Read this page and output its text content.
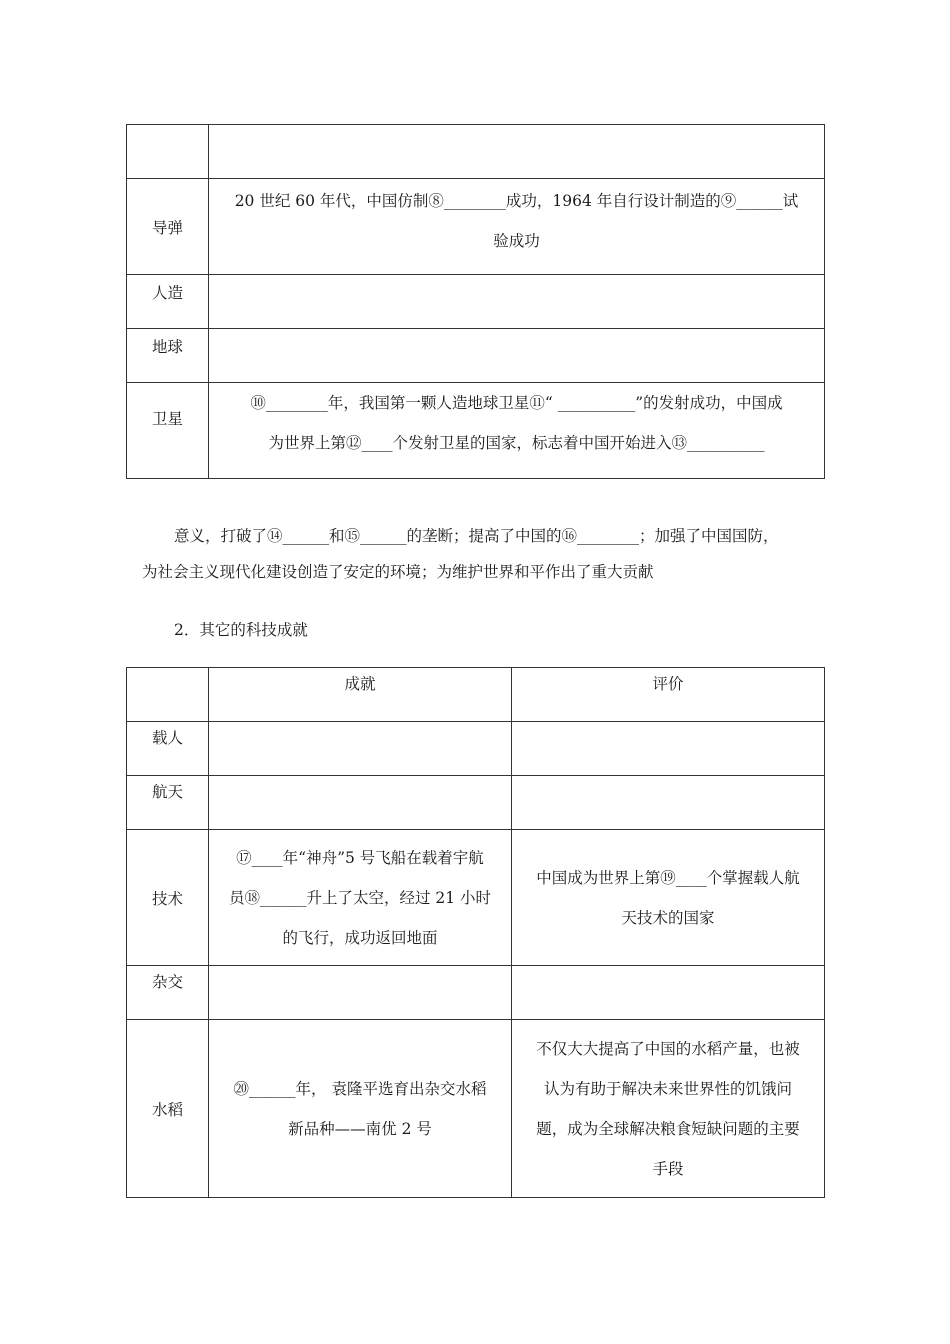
导弹	20 世纪 60 年代，中国仿制⑧________成功，1964 年自行设计制造的⑨______试
验成功

人造	
地球	
卫星	⑩________年，我国第一颗人造地球卫星⑪“ __________”的发射成功，中国成
为世界上第⑫____个发射卫星的国家，标志着中国开始进入⑬__________
意义，打破了⑭______和⑮______的垄断；提高了中国的⑯________；加强了中国国防，
为社会主义现代化建设创造了安定的环境；为维护世界和平作出了重大贡献
2．其它的科技成就
	成就	评价
载人		
航天		
技术	⑰____年“神舟”5 号飞船在载着宇航
员⑱______升上了太空，经过 21 小时
的飞行，成功返回地面	中国成为世界上第⑲____个掌握载人航
天技术的国家

杂交		
水稻	⑳______年， 袁隆平选育出杂交水稻
新品种——南优 2 号	不仅大大提高了中国的水稻产量，也被
认为有助于解决未来世界性的饥饿问
题，成为全球解决粮食短缺问题的主要
手段
